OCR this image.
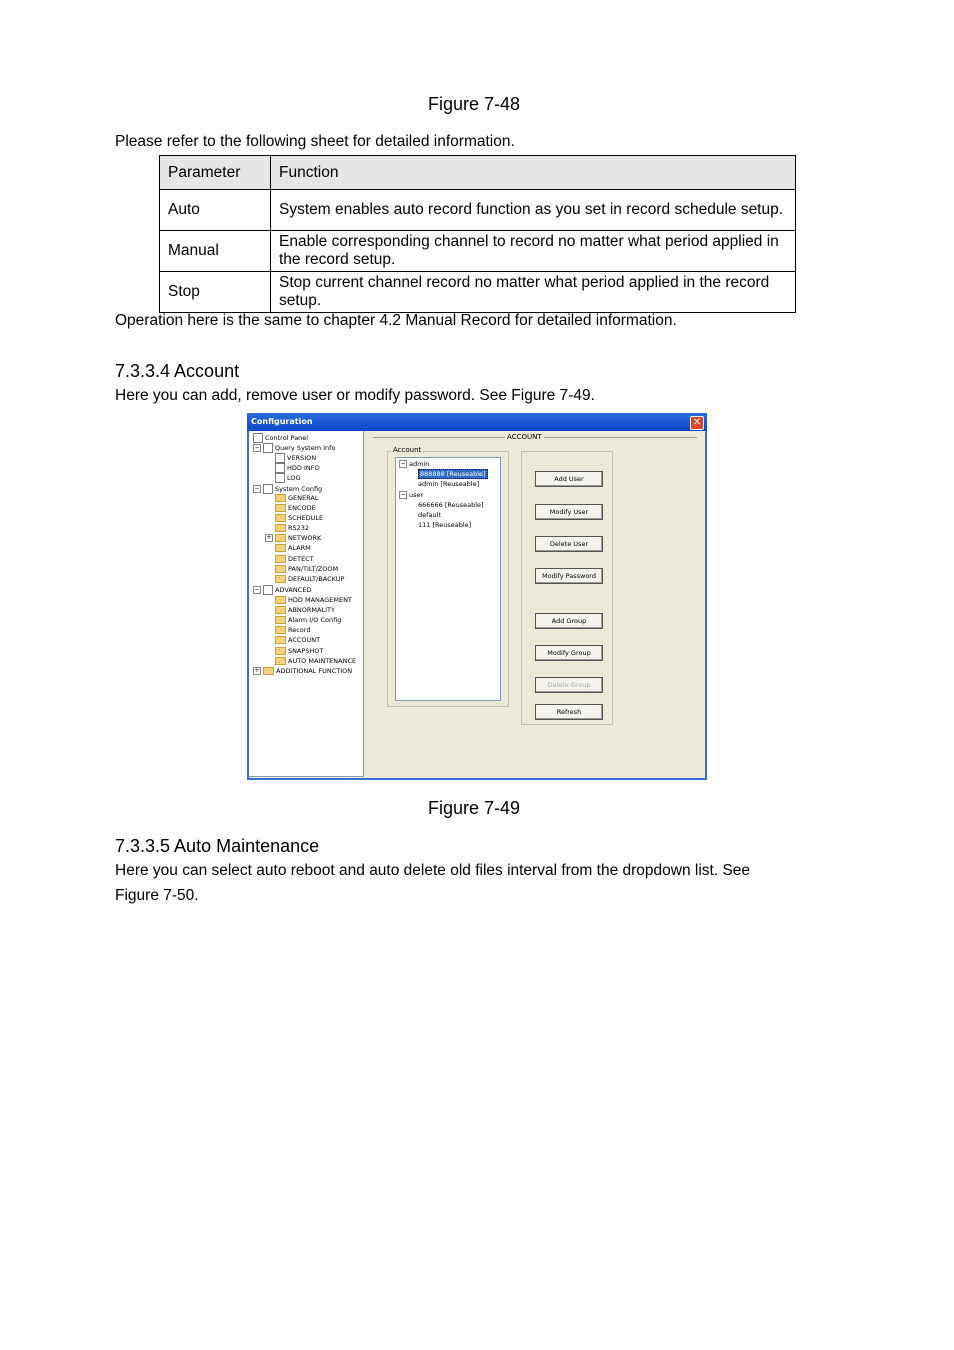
Figure 7-48
Please refer to the following sheet for detailed information.
Parameter	Function
Auto	System enables auto record function as you set in record schedule setup.
Manual	Enable corresponding channel to record no matter what period applied in the record setup.
Stop	Stop current channel record no matter what period applied in the record setup.
Operation here is the same to chapter 4.2 Manual Record for detailed information.
7.3.3.4 Account
Here you can add, remove user or modify password. See Figure 7-49.
Configuration	✕
Control Panel
− Query System Info
VERSION
HDD INFO
LOG
− System Config
GENERAL
ENCODE
SCHEDULE
RS232
+	NETWORK
ALARM
DETECT
PAN/TILT/ZOOM
DEFAULT/BACKUP
− ADVANCED
HDD MANAGEMENT
ABNORMALITY
Alarm I/O Config
Record
ACCOUNT
SNAPSHOT
AUTO MAINTENANCE
+	ADDITIONAL FUNCTION
ACCOUNT
Account
− admin
888888 [Reuseable]
admin [Reuseable]
− user
666666 [Reuseable]
default
111 [Reuseable]
Add User
Modify User
Delete User
Modify Password
Add Group
Modify Group
Delete Group
Refresh
Figure 7-49
7.3.3.5 Auto Maintenance
Here you can select auto reboot and auto delete old files interval from the dropdown list. See
Figure 7-50.
